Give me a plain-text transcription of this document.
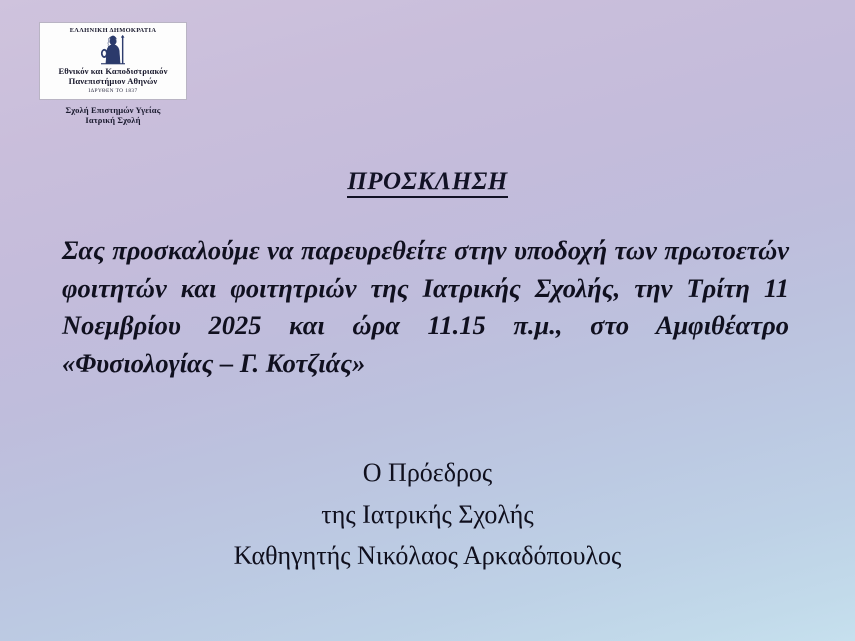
ΕΛΛΗΝΙΚΗ ΔΗΜΟΚΡΑΤΙΑ
Εθνικόν και Καποδιστριακόν
Πανεπιστήμιον Αθηνών
ΙΔΡΥΘΕΝ ΤΟ 1837
Σχολή Επιστημών Υγείας
Ιατρική Σχολή
ΠΡΟΣΚΛΗΣΗ
Σας προσκαλούμε να παρευρεθείτε στην υποδοχή των πρωτοετών φοιτητών και φοιτητριών της Ιατρικής Σχολής, την Τρίτη 11 Νοεμβρίου 2025 και ώρα 11.15 π.μ., στο Αμφιθέατρο «Φυσιολογίας – Γ. Κοτζιάς»
Ο Πρόεδρος
της Ιατρικής Σχολής
Καθηγητής Νικόλαος Αρκαδόπουλος
